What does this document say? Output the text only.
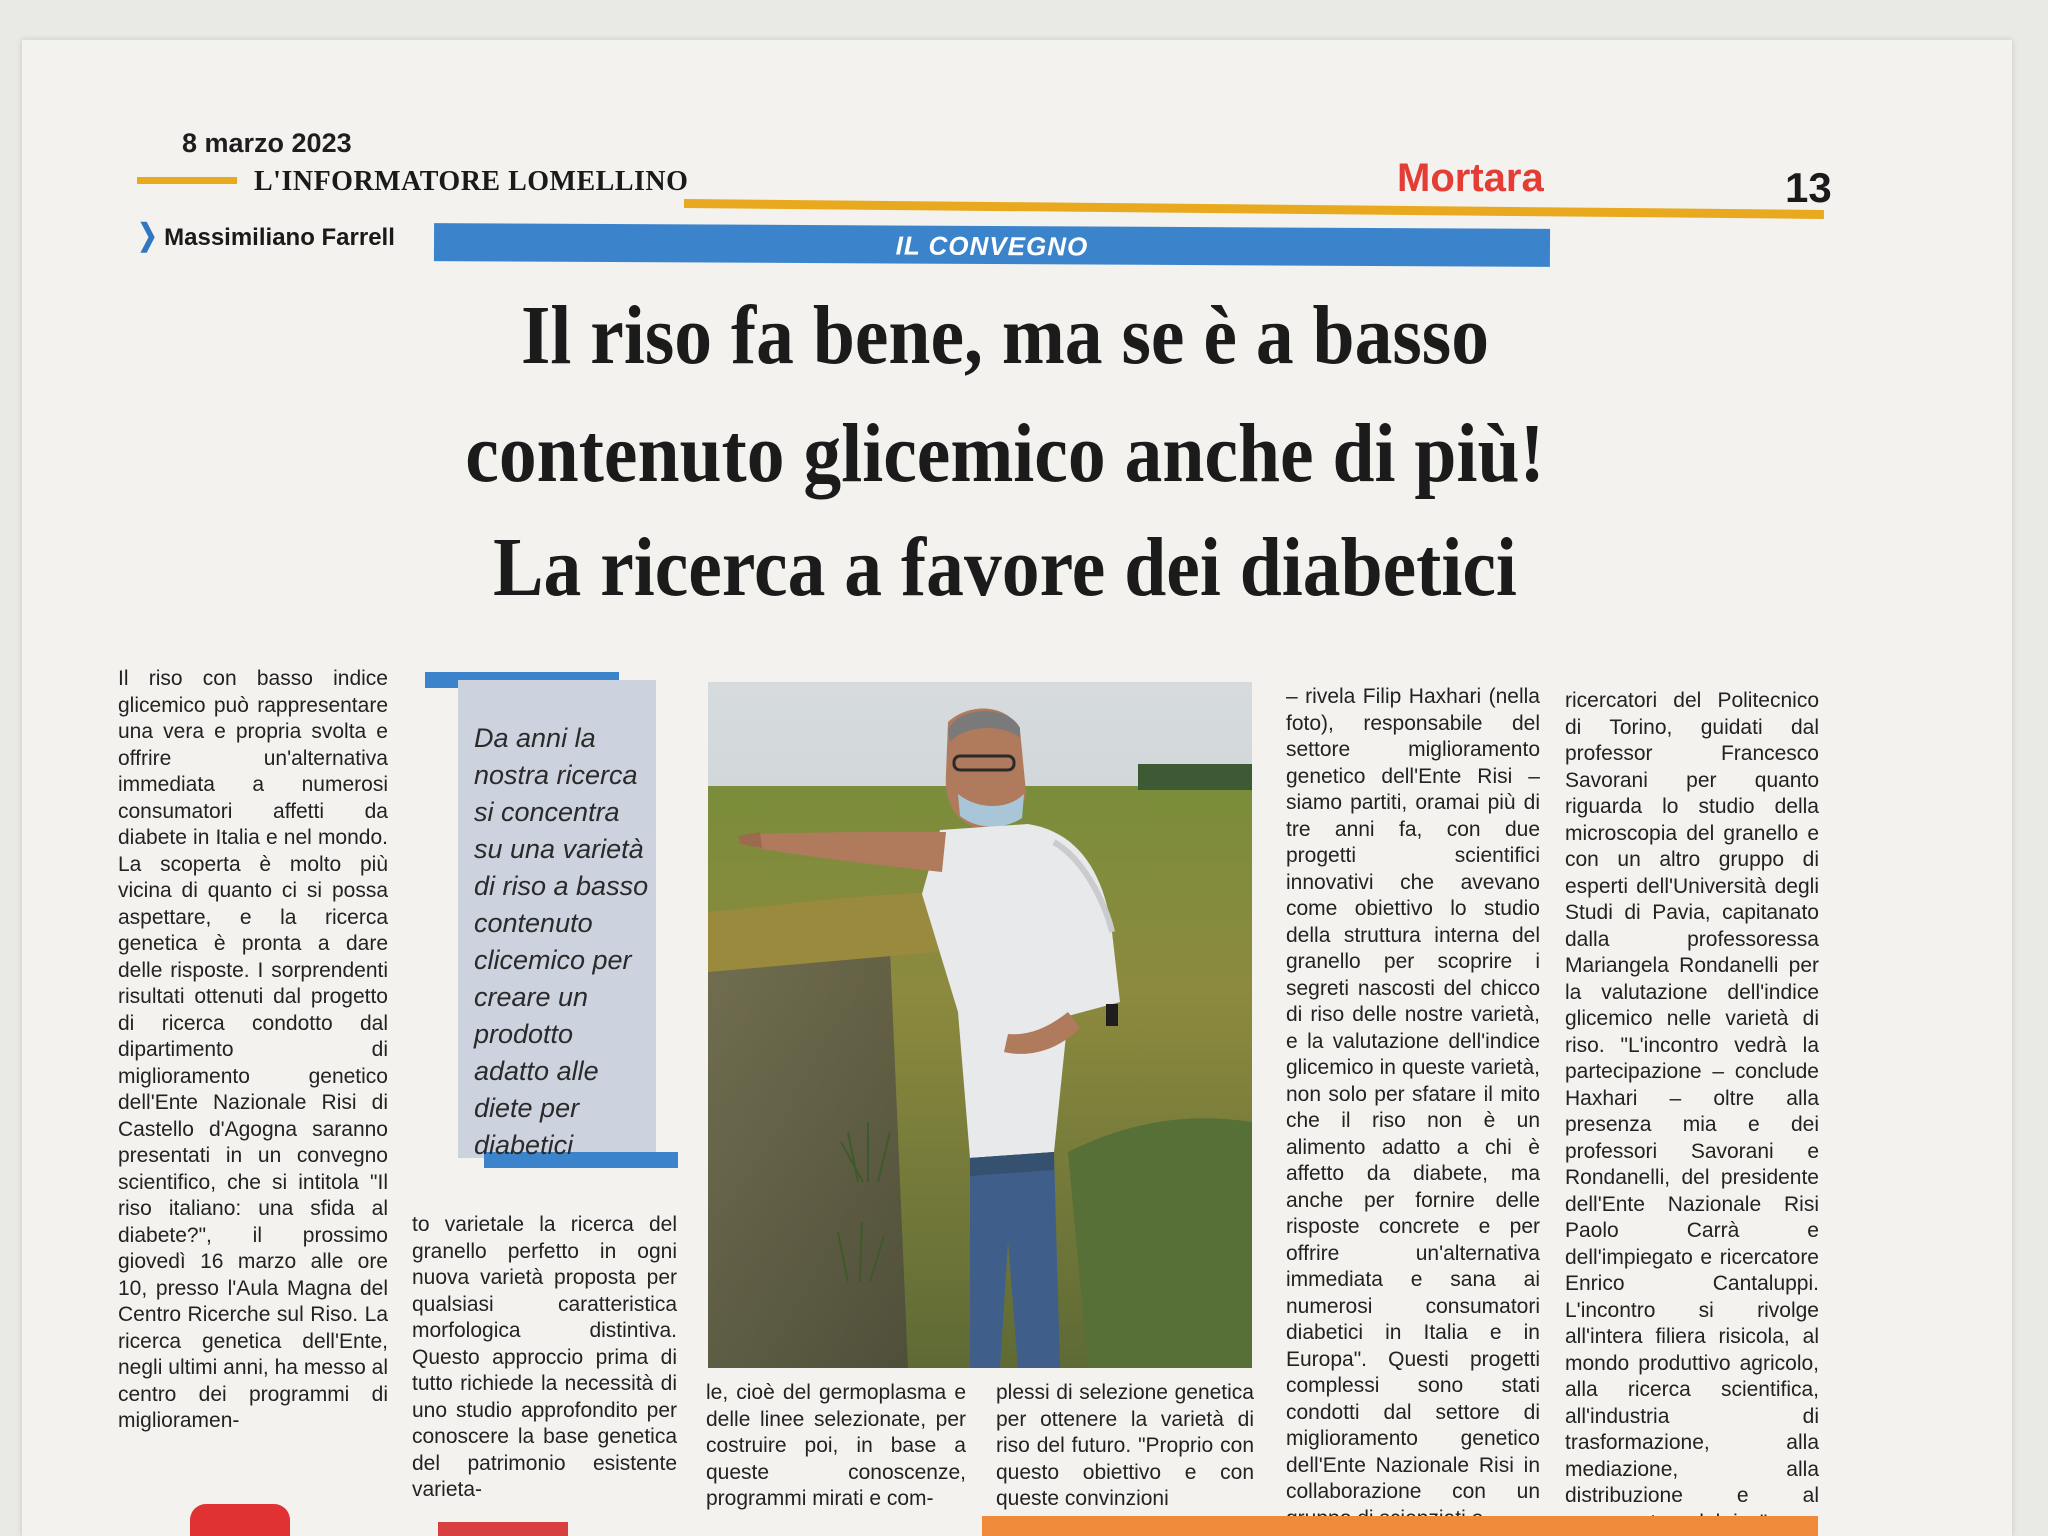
8 marzo 2023
L'INFORMATORE LOMELLINO	Mortara	13
❯ Massimiliano Farrell	IL CONVEGNO
Il riso fa bene, ma se è a basso
contenuto glicemico anche di più!
La ricerca a favore dei diabetici

Il riso con basso indice glicemico può rappresentare una vera e propria svolta e offrire un'alternativa immediata a numerosi consumatori affetti da diabete in Italia e nel mondo. La scoperta è molto più vicina di quanto ci si possa aspettare, e la ricerca genetica è pronta a dare delle risposte. I sorprendenti risultati ottenuti dal progetto di ricerca condotto dal dipartimento di miglioramento genetico dell'Ente Nazionale Risi di Castello d'Agogna saranno presentati in un convegno scientifico, che si intitola "Il riso italiano: una sfida al diabete?", il prossimo giovedì 16 marzo alle ore 10, presso l'Aula Magna del Centro Ricerche sul Riso. La ricerca genetica dell'Ente, negli ultimi anni, ha messo al centro dei programmi di miglioramen-

Da anni la nostra ricerca si concentra su una varietà di riso a basso contenuto clicemico per creare un prodotto adatto alle diete per diabetici

to varietale la ricerca del granello perfetto in ogni nuova varietà proposta per qualsiasi caratteristica morfologica distintiva. Questo approccio prima di tutto richiede la necessità di uno studio approfondito per conoscere la base genetica del patrimonio esistente varieta-

le, cioè del germoplasma e delle linee selezionate, per costruire poi, in base a queste conoscenze, programmi mirati e com-

plessi di selezione genetica per ottenere la varietà di riso del futuro. "Proprio con questo obiettivo e con queste convinzioni

– rivela Filip Haxhari (nella foto), responsabile del settore miglioramento genetico dell'Ente Risi – siamo partiti, oramai più di tre anni fa, con due progetti scientifici innovativi che avevano come obiettivo lo studio della struttura interna del granello per scoprire i segreti nascosti del chicco di riso delle nostre varietà, e la valutazione dell'indice glicemico in queste varietà, non solo per sfatare il mito che il riso non è un alimento adatto a chi è affetto da diabete, ma anche per fornire delle risposte concrete e per offrire un'alternativa immediata e sana ai numerosi consumatori diabetici in Italia e in Europa". Questi progetti complessi sono stati condotti dal settore di miglioramento genetico dell'Ente Nazionale Risi in collaborazione con un

ricercatori del Politecnico di Torino, guidati dal professor Francesco Savorani per quanto riguarda lo studio della microscopia del granello e con un altro gruppo di esperti dell'Università degli Studi di Pavia, capitanato dalla professoressa Mariangela Rondanelli per la valutazione dell'indice glicemico nelle varietà di riso. "L'incontro vedrà la partecipazione – conclude Haxhari – oltre alla presenza mia e dei professori Savorani e Rondanelli, del presidente dell'Ente Nazionale Risi Paolo Carrà e dell'impiegato e ricercatore Enrico Cantaluppi. L'incontro si rivolge all'intera filiera risicola, al mondo produttivo agricolo, alla ricerca scientifica, all'industria di trasformazione, alla mediazione, alla distribuzione e al
